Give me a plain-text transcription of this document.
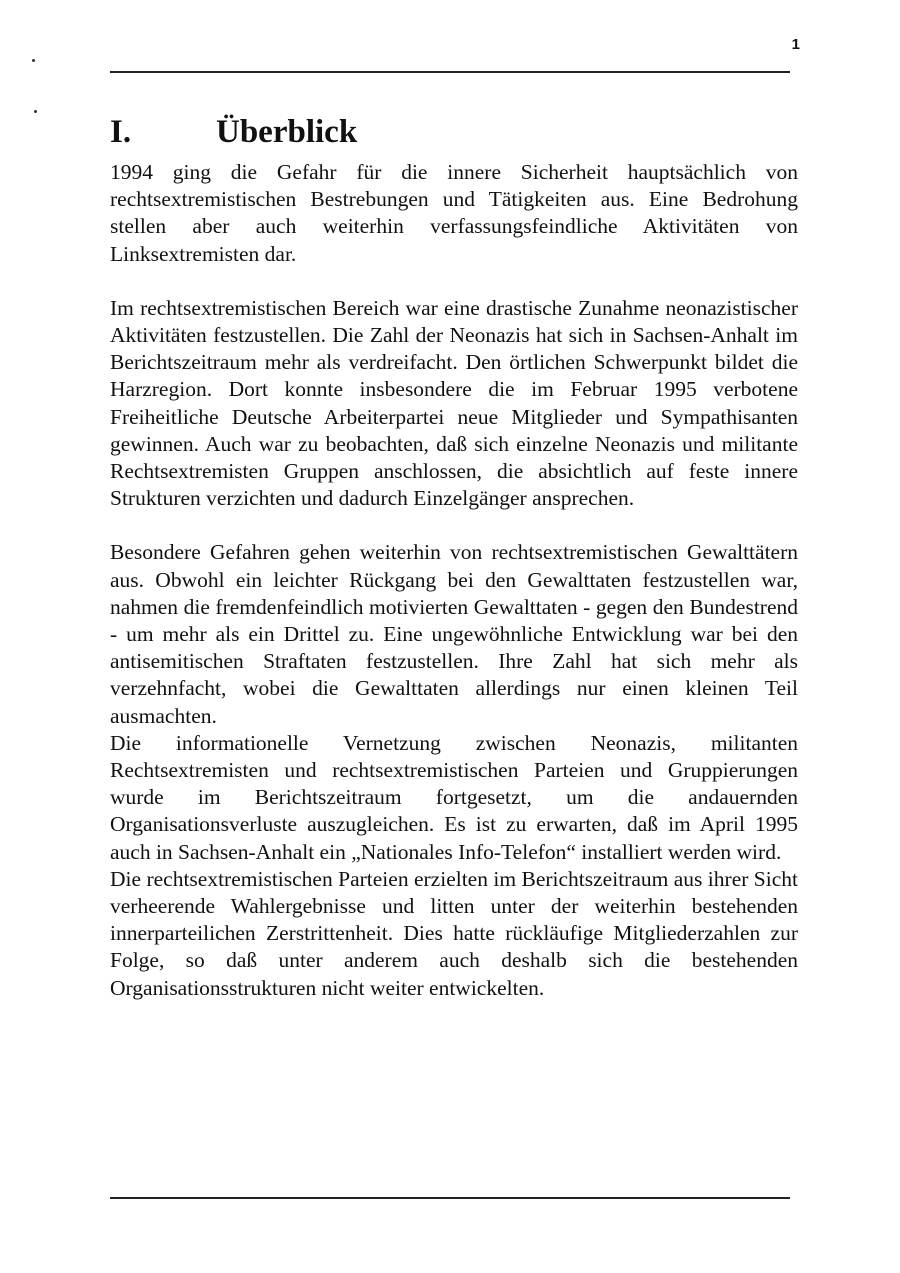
1
I.	Überblick

1994 ging die Gefahr für die innere Sicherheit hauptsächlich von rechtsextremistischen Bestrebungen und Tätigkeiten aus. Eine Bedrohung stellen aber auch weiterhin verfassungsfeindliche Aktivitäten von Linksextremisten dar.

Im rechtsextremistischen Bereich war eine drastische Zunahme neonazistischer Aktivitäten festzustellen. Die Zahl der Neonazis hat sich in Sachsen-Anhalt im Berichtszeitraum mehr als verdreifacht. Den örtlichen Schwerpunkt bildet die Harzregion. Dort konnte insbesondere die im Februar 1995 verbotene Freiheitliche Deutsche Arbeiterpartei neue Mitglieder und Sympathisanten gewinnen. Auch war zu beobachten, daß sich einzelne Neonazis und militante Rechtsextremisten Gruppen anschlossen, die absichtlich auf feste innere Strukturen verzichten und dadurch Einzelgänger ansprechen.

Besondere Gefahren gehen weiterhin von rechtsextremistischen Gewalttätern aus. Obwohl ein leichter Rückgang bei den Gewalttaten festzustellen war, nahmen die fremdenfeindlich motivierten Gewalttaten - gegen den Bundestrend - um mehr als ein Drittel zu. Eine ungewöhnliche Entwicklung war bei den antisemitischen Straftaten festzustellen. Ihre Zahl hat sich mehr als verzehnfacht, wobei die Gewalttaten allerdings nur einen kleinen Teil ausmachten.

Die informationelle Vernetzung zwischen Neonazis, militanten Rechtsextremisten und rechtsextremistischen Parteien und Gruppierungen wurde im Berichtszeitraum fortgesetzt, um die andauernden Organisationsverluste auszugleichen. Es ist zu erwarten, daß im April 1995 auch in Sachsen-Anhalt ein „Nationales Info-Telefon“ installiert werden wird.

Die rechtsextremistischen Parteien erzielten im Berichtszeitraum aus ihrer Sicht verheerende Wahlergebnisse und litten unter der weiterhin bestehenden innerparteilichen Zerstrittenheit. Dies hatte rückläufige Mitgliederzahlen zur Folge, so daß unter anderem auch deshalb sich die bestehenden Organisationsstrukturen nicht weiter entwickelten.
